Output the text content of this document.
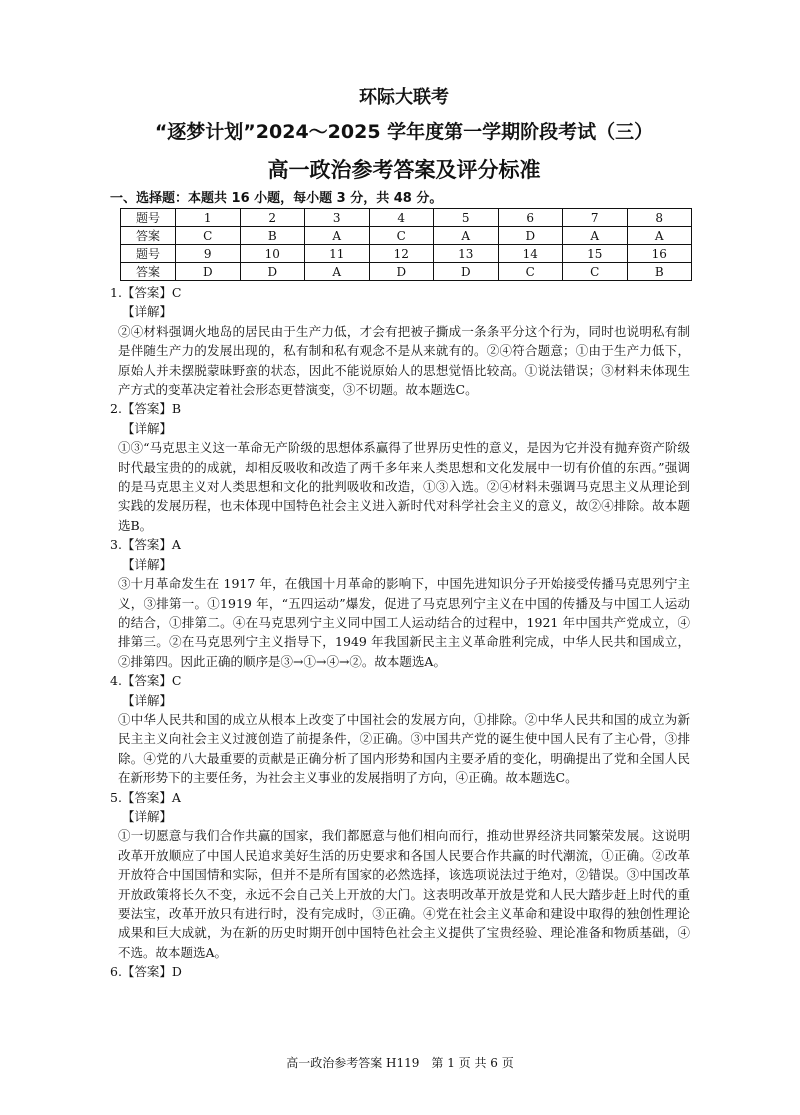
环际大联考
“逐梦计划”2024～2025 学年度第一学期阶段考试（三）
高一政治参考答案及评分标准
一、选择题：本题共 16 小题，每小题 3 分，共 48 分。
题号	1	2	3	4	5	6	7	8
答案	C	B	A	C	A	D	A	A
题号	9	10	11	12	13	14	15	16
答案	D	D	A	D	D	C	C	B
1.【答案】C
【详解】
②④材料强调火地岛的居民由于生产力低，才会有把被子撕成一条条平分这个行为，同时也说明私有制是伴随生产力的发展出现的，私有制和私有观念不是从来就有的。②④符合题意；①由于生产力低下，原始人并未摆脱蒙昧野蛮的状态，因此不能说原始人的思想觉悟比较高。①说法错误；③材料未体现生产方式的变革决定着社会形态更替演变，③不切题。故本题选C。
2.【答案】B
【详解】
①③“马克思主义这一革命无产阶级的思想体系赢得了世界历史性的意义，是因为它并没有抛弃资产阶级时代最宝贵的的成就，却相反吸收和改造了两千多年来人类思想和文化发展中一切有价值的东西。”强调的是马克思主义对人类思想和文化的批判吸收和改造，①③入选。②④材料未强调马克思主义从理论到实践的发展历程，也未体现中国特色社会主义进入新时代对科学社会主义的意义，故②④排除。故本题选B。
3.【答案】A
【详解】
③十月革命发生在 1917 年，在俄国十月革命的影响下，中国先进知识分子开始接受传播马克思列宁主义，③排第一。①1919 年，“五四运动”爆发，促进了马克思列宁主义在中国的传播及与中国工人运动的结合，①排第二。④在马克思列宁主义同中国工人运动结合的过程中，1921 年中国共产党成立，④排第三。②在马克思列宁主义指导下，1949 年我国新民主主义革命胜利完成，中华人民共和国成立，②排第四。因此正确的顺序是③→①→④→②。故本题选A。
4.【答案】C
【详解】
①中华人民共和国的成立从根本上改变了中国社会的发展方向，①排除。②中华人民共和国的成立为新民主主义向社会主义过渡创造了前提条件，②正确。③中国共产党的诞生使中国人民有了主心骨，③排除。④党的八大最重要的贡献是正确分析了国内形势和国内主要矛盾的变化，明确提出了党和全国人民在新形势下的主要任务，为社会主义事业的发展指明了方向，④正确。故本题选C。
5.【答案】A
【详解】
①一切愿意与我们合作共赢的国家，我们都愿意与他们相向而行，推动世界经济共同繁荣发展。这说明改革开放顺应了中国人民追求美好生活的历史要求和各国人民要合作共赢的时代潮流，①正确。②改革开放符合中国国情和实际，但并不是所有国家的必然选择，该选项说法过于绝对，②错误。③中国改革开放政策将长久不变，永远不会自己关上开放的大门。这表明改革开放是党和人民大踏步赶上时代的重要法宝，改革开放只有进行时，没有完成时，③正确。④党在社会主义革命和建设中取得的独创性理论成果和巨大成就，为在新的历史时期开创中国特色社会主义提供了宝贵经验、理论准备和物质基础，④不选。故本题选A。
6.【答案】D
高一政治参考答案 H119　第 1 页 共 6 页
